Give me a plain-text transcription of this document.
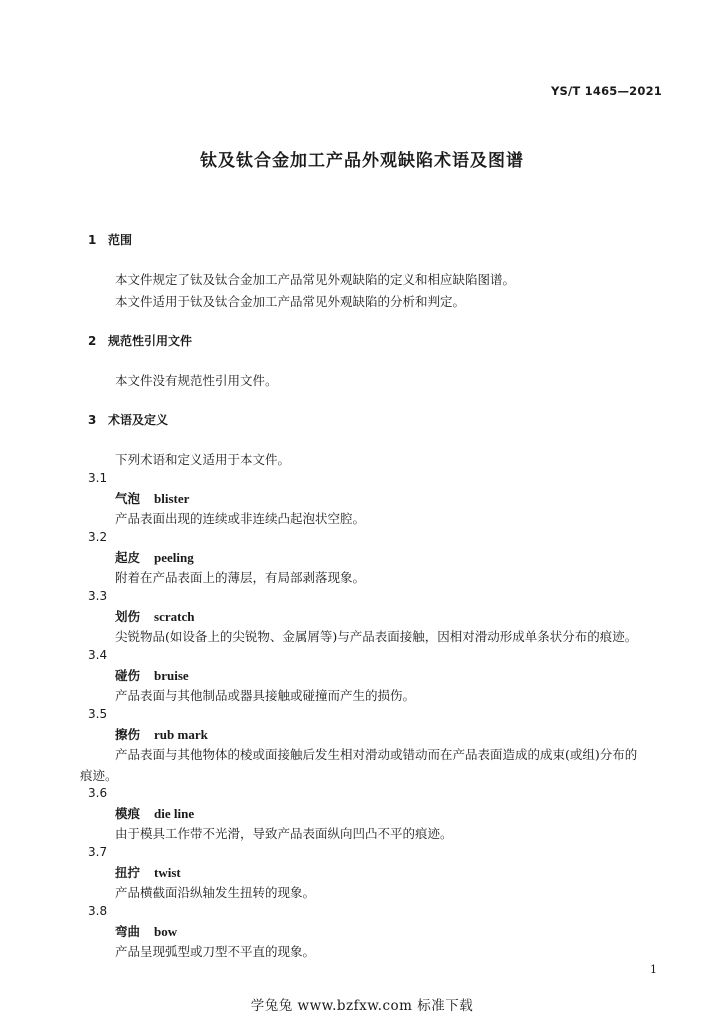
YS/T 1465—2021
钛及钛合金加工产品外观缺陷术语及图谱
1 范围
本文件规定了钛及钛合金加工产品常见外观缺陷的定义和相应缺陷图谱。
本文件适用于钛及钛合金加工产品常见外观缺陷的分析和判定。
2 规范性引用文件
本文件没有规范性引用文件。
3 术语及定义
下列术语和定义适用于本文件。
3.1
气泡 blister
产品表面出现的连续或非连续凸起泡状空腔。
3.2
起皮 peeling
附着在产品表面上的薄层，有局部剥落现象。
3.3
划伤 scratch
尖锐物品(如设备上的尖锐物、金属屑等)与产品表面接触，因相对滑动形成单条状分布的痕迹。
3.4
碰伤 bruise
产品表面与其他制品或器具接触或碰撞而产生的损伤。
3.5
擦伤 rub mark
产品表面与其他物体的棱或面接触后发生相对滑动或错动而在产品表面造成的成束(或组)分布的
痕迹。
3.6
模痕 die line
由于模具工作带不光滑，导致产品表面纵向凹凸不平的痕迹。
3.7
扭拧 twist
产品横截面沿纵轴发生扭转的现象。
3.8
弯曲 bow
产品呈现弧型或刀型不平直的现象。
1
学兔兔 www.bzfxw.com 标准下载
